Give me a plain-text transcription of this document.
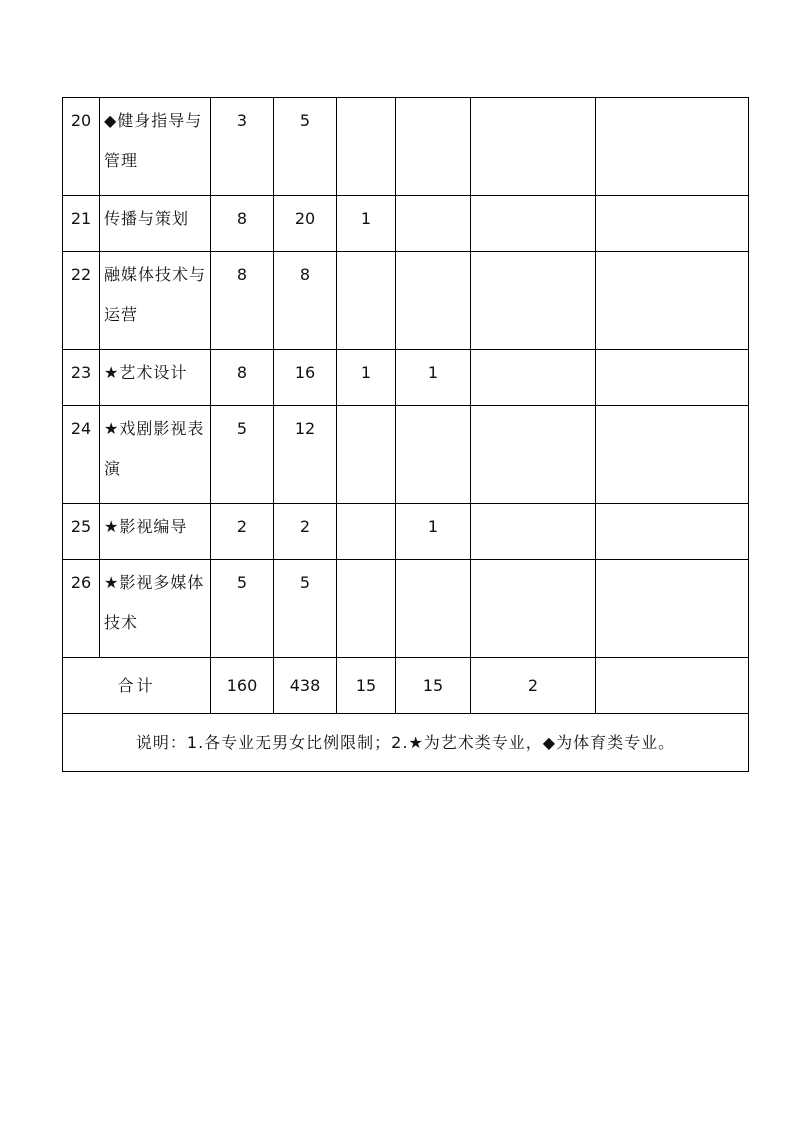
20	◆健身指导与管理	3	5				

21	传播与策划	8	20	1			

22	融媒体技术与运营	8	8				

23	★艺术设计	8	16	1	1		

24	★戏剧影视表演	5	12				

25	★影视编导	2	2		1		

26	★影视多媒体技术	5	5				

合计		160	438	15	15	2	
说明：1.各专业无男女比例限制；2.★为艺术类专业，◆为体育类专业。							
